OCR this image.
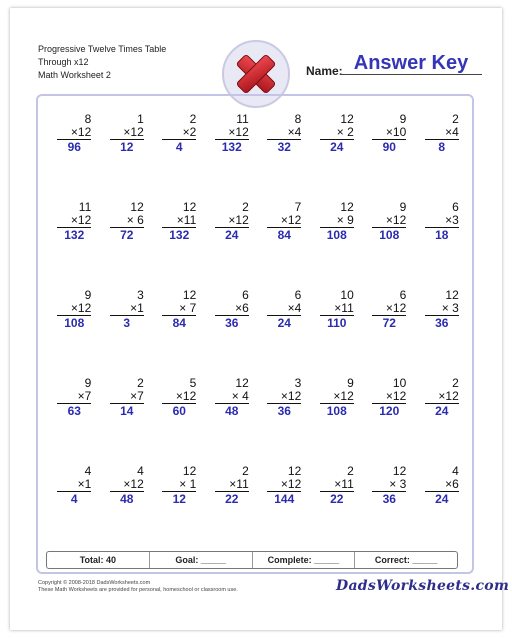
Progressive Twelve Times Table
Through x12
Math Worksheet 2	Name: Answer Key
8
×12
96
1
×12
12
2
×2
4
11
×12
132
8
×4
32
12
× 2
24
9
×10
90
2
×4
8
11
×12
132
12
× 6
72
12
×11
132
2
×12
24
7
×12
84
12
× 9
108
9
×12
108
6
×3
18
9
×12
108
3
×1
3
12
× 7
84
6
×6
36
6
×4
24
10
×11
110
6
×12
72
12
× 3
36
9
×7
63
2
×7
14
5
×12
60
12
× 4
48
3
×12
36
9
×12
108
10
×12
120
2
×12
24
4
×1
4
4
×12
48
12
× 1
12
2
×11
22
12
×12
144
2
×11
22
12
× 3
36
4
×6
24
Total: 40	Goal: _____	Complete: _____	Correct: _____
Copyright © 2008-2018 DadsWorksheets.com
These Math Worksheets are provided for personal, homeschool or classroom use.	DadsWorksheets.com
